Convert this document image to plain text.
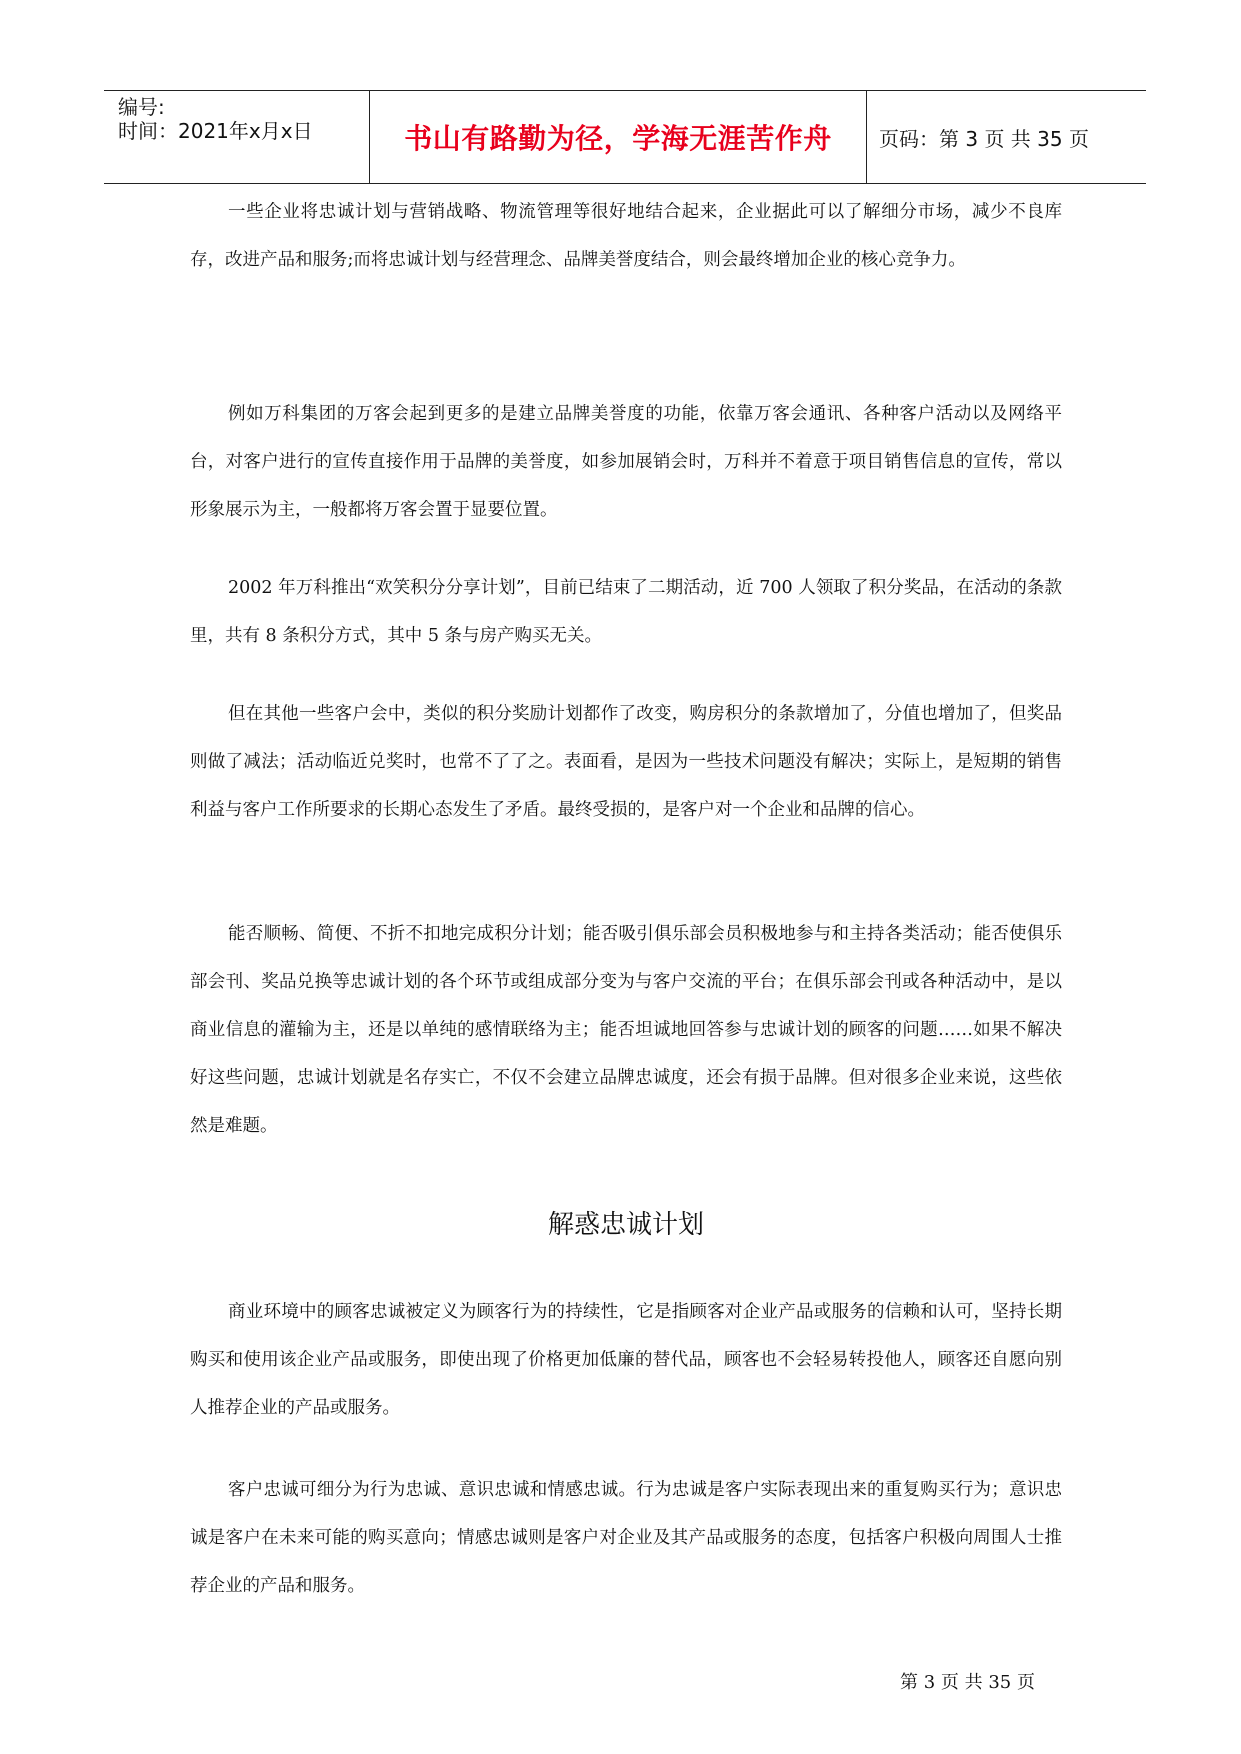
编号:
时间：2021年x月x日	书山有路勤为径，学海无涯苦作舟 页码：第 3 页 共 35 页

一些企业将忠诚计划与营销战略、物流管理等很好地结合起来，企业据此可以了解细分市场，减少不良库存，改进产品和服务;而将忠诚计划与经营理念、品牌美誉度结合，则会最终增加企业的核心竞争力。

例如万科集团的万客会起到更多的是建立品牌美誉度的功能，依靠万客会通讯、各种客户活动以及网络平台，对客户进行的宣传直接作用于品牌的美誉度，如参加展销会时，万科并不着意于项目销售信息的宣传，常以形象展示为主，一般都将万客会置于显要位置。

2002 年万科推出“欢笑积分分享计划”，目前已结束了二期活动，近 700 人领取了积分奖品，在活动的条款里，共有 8 条积分方式，其中 5 条与房产购买无关。

但在其他一些客户会中，类似的积分奖励计划都作了改变，购房积分的条款增加了，分值也增加了，但奖品则做了减法；活动临近兑奖时，也常不了了之。表面看，是因为一些技术问题没有解决；实际上，是短期的销售利益与客户工作所要求的长期心态发生了矛盾。最终受损的，是客户对一个企业和品牌的信心。

能否顺畅、简便、不折不扣地完成积分计划；能否吸引俱乐部会员积极地参与和主持各类活动；能否使俱乐部会刊、奖品兑换等忠诚计划的各个环节或组成部分变为与客户交流的平台；在俱乐部会刊或各种活动中，是以商业信息的灌输为主，还是以单纯的感情联络为主；能否坦诚地回答参与忠诚计划的顾客的问题……如果不解决好这些问题，忠诚计划就是名存实亡，不仅不会建立品牌忠诚度，还会有损于品牌。但对很多企业来说，这些依然是难题。

解惑忠诚计划

商业环境中的顾客忠诚被定义为顾客行为的持续性，它是指顾客对企业产品或服务的信赖和认可，坚持长期购买和使用该企业产品或服务，即使出现了价格更加低廉的替代品，顾客也不会轻易转投他人，顾客还自愿向别人推荐企业的产品或服务。

客户忠诚可细分为行为忠诚、意识忠诚和情感忠诚。行为忠诚是客户实际表现出来的重复购买行为；意识忠诚是客户在未来可能的购买意向；情感忠诚则是客户对企业及其产品或服务的态度，包括客户积极向周围人士推荐企业的产品和服务。

第 3 页 共 35 页
